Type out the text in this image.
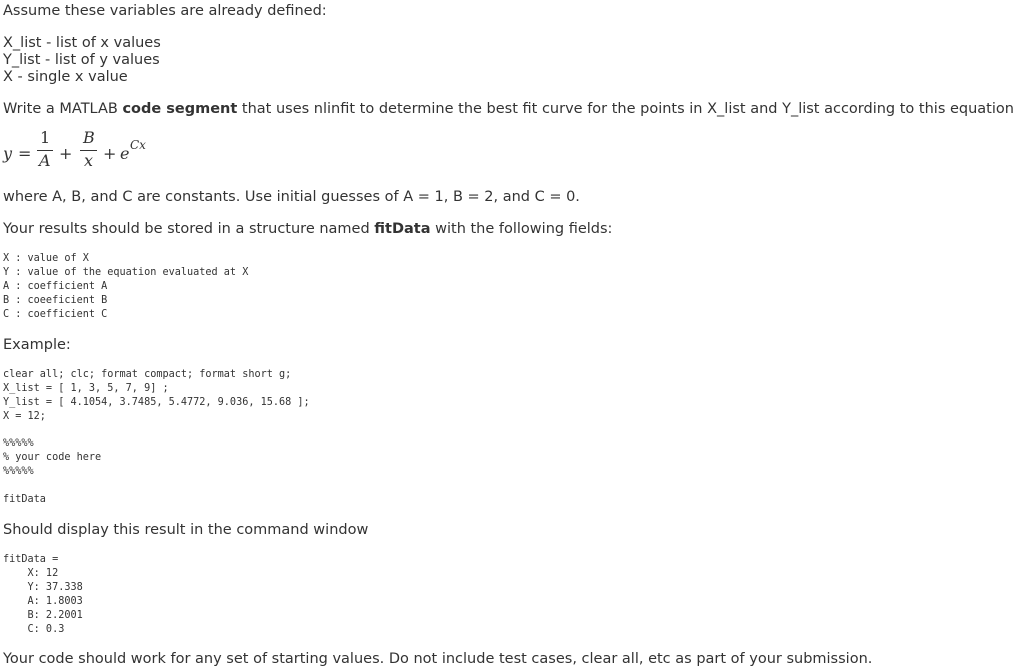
Assume these variables are already defined:
X_list - list of x values
Y_list - list of y values
X - single x value
Write a MATLAB code segment that uses nlinfit to determine the best fit curve for the points in X_list and Y_list according to this equation
y =
1
A +
B
x + e Cx
where A, B, and C are constants. Use initial guesses of A = 1, B = 2, and C = 0.
Your results should be stored in a structure named fitData with the following fields:
X : value of X
Y : value of the equation evaluated at X
A : coefficient A
B : coeeficient B
C : coefficient C
Example:
clear all; clc; format compact; format short g;
X_list = [ 1, 3, 5, 7, 9] ;
Y_list = [ 4.1054, 3.7485, 5.4772, 9.036, 15.68 ];
X = 12;
%%%%%
% your code here
%%%%%
fitData
Should display this result in the command window
fitData =
X: 12
Y: 37.338
A: 1.8003
B: 2.2001
C: 0.3
Your code should work for any set of starting values. Do not include test cases, clear all, etc as part of your submission.
